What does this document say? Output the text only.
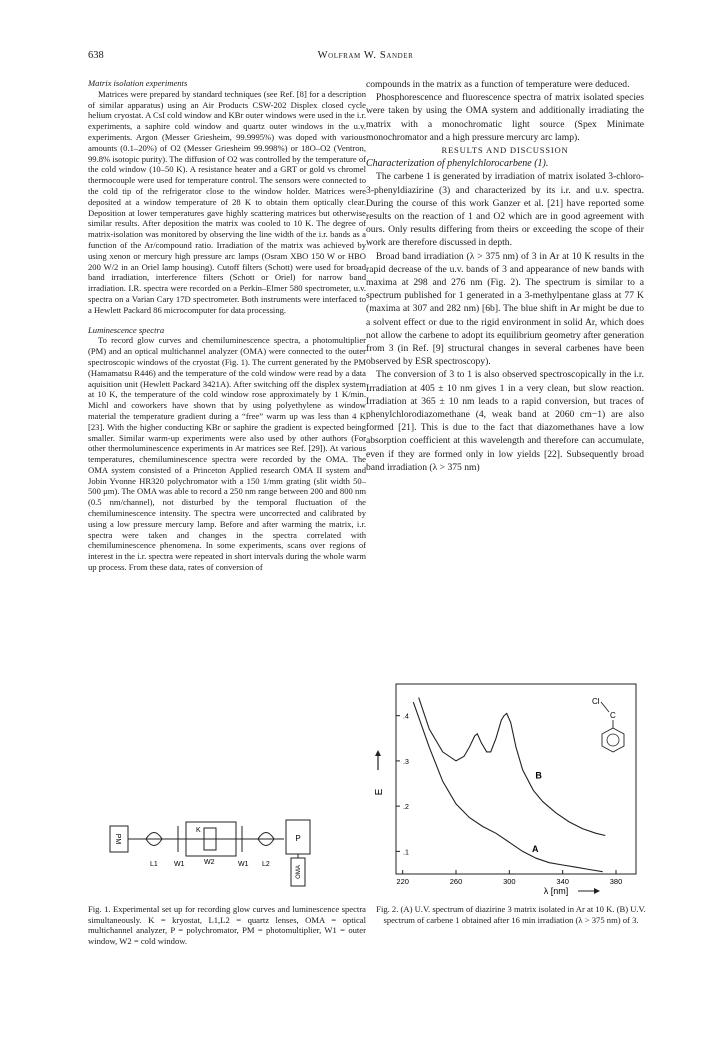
638	Wolfram W. Sander

Matrix isolation experiments

Matrices were prepared by standard techniques (see Ref. [8] for a description of similar apparatus) using an Air Products CSW-202 Displex closed cycle helium cryostat. A CsI cold window and KBr outer windows were used in the i.r. experiments, a saphire cold window and quartz outer windows in the u.v. experiments. Argon (Messer Griesheim, 99.9995%) was doped with various amounts (0.1–20%) of O2 (Messer Griesheim 99.998%) or 18O–O2 (Ventron, 99.8% isotopic purity). The diffusion of O2 was controlled by the temperature of the cold window (10–50 K). A resistance heater and a GRT or gold vs chromel thermocouple were used for temperature control. The sensors were connected to the cold tip of the refrigerator close to the window holder. Matrices were deposited at a window temperature of 28 K to obtain them optically clear. Deposition at lower temperatures gave highly scattering matrices but otherwise similar results. After deposition the matrix was cooled to 10 K. The degree of matrix-isolation was monitored by observing the line width of the i.r. bands as a function of the Ar/compound ratio. Irradiation of the matrix was achieved by using xenon or mercury high pressure arc lamps (Osram XBO 150 W or HBO 200 W/2 in an Oriel lamp housing). Cutoff filters (Schott) were used for broad band irradiation, interference filters (Schott or Oriel) for narrow band irradiation. I.R. spectra were recorded on a Perkin–Elmer 580 spectrometer, u.v. spectra on a Varian Cary 17D spectrometer. Both instruments were interfaced to a Hewlett Packard 86 microcomputer for data processing.

Luminescence spectra

To record glow curves and chemiluminescence spectra, a photomultiplier (PM) and an optical multichannel analyzer (OMA) were connected to the outer spectroscopic windows of the cryostat (Fig. 1). The current generated by the PM (Hamamatsu R446) and the temperature of the cold window were read by a data aquisition unit (Hewlett Packard 3421A). After switching off the displex system at 10 K, the temperature of the cold window rose approximately by 1 K/min. Michl and coworkers have shown that by using polyethylene as window material the temperature gradient during a “free” warm up was less than 4 K [23]. With the higher conducting KBr or saphire the gradient is expected being smaller. Similar warm-up experiments were also used by other authors (For other thermoluminescence experiments in Ar matrices see Ref. [29]). At various temperatures, chemiluminescence spectra were recorded by the OMA. The OMA system consisted of a Princeton Applied research OMA II system and Jobin Yvonne HR320 polychromator with a 150 1/mm grating (slit width 50–500 μm). The OMA was able to record a 250 nm range between 200 and 800 nm (0.5 nm/channel), not disturbed by the temporal fluctuation of the chemiluminescence intensity. The spectra were uncorrected and calibrated by using a low pressure mercury lamp. Before and after warming the matrix, i.r. spectra were taken and changes in the spectra correlated with chemiluminescence phenomena. In some experiments, scans over regions of interest in the i.r. spectra were repeated in short intervals during the whole warm up process. From these data, rates of conversion of

compounds in the matrix as a function of temperature were deduced.

Phosphorescence and fluorescence spectra of matrix isolated species were taken by using the OMA system and additionally irradiating the matrix with a monochromatic light source (Spex Minimate monochromator and a high pressure mercury arc lamp).

RESULTS AND DISCUSSION

Characterization of phenylchlorocarbene (1).

The carbene 1 is generated by irradiation of matrix isolated 3-chloro-3-phenyldiazirine (3) and characterized by its i.r. and u.v. spectra. During the course of this work Ganzer et al. [21] have reported some results on the reaction of 1 and O2 which are in good agreement with ours. Only results differing from theirs or exceeding the scope of their work are therefore discussed in depth.

Broad band irradiation (λ > 375 nm) of 3 in Ar at 10 K results in the rapid decrease of the u.v. bands of 3 and appearance of new bands with maxima at 298 and 276 nm (Fig. 2). The spectrum is similar to a spectrum published for 1 generated in a 3-methylpentane glass at 77 K (maxima at 307 and 282 nm) [6b]. The blue shift in Ar might be due to a solvent effect or due to the rigid environment in solid Ar, which does not allow the carbene to adopt its equilibrium geometry after generation from 3 (in Ref. [9] structural changes in several carbenes have been observed by ESR spectroscopy).

The conversion of 3 to 1 is also observed spectroscopically in the i.r. Irradiation at 405 ± 10 nm gives 1 in a very clean, but slow reaction. Irradiation at 365 ± 10 nm leads to a rapid conversion, but traces of phenylchlorodiazomethane (4, weak band at 2060 cm−1) are also formed [21]. This is due to the fact that diazomethanes have a low absorption coefficient at this wavelength and therefore can accumulate, even if they are formed only in low yields [22]. Subsequently broad band irradiation (λ > 375 nm)

PM
K
P
OMA
L1 W1	W2	W1 L2
Fig. 1. Experimental set up for recording glow curves and luminescence spectra simultaneously. K = kryostat, L1,L2 = quartz lenses, OMA = optical multichannel analyzer, P = polychromator, PM = photomultiplier, W1 = outer window, W2 = cold window.
.1
.2
.3
.4
220	260	300	340	380
A
B
E
λ [nm]
Cl
C
Fig. 2. (A) U.V. spectrum of diazirine 3 matrix isolated in Ar at 10 K. (B) U.V. spectrum of carbene 1 obtained after 16 min irradiation (λ > 375 nm) of 3.
